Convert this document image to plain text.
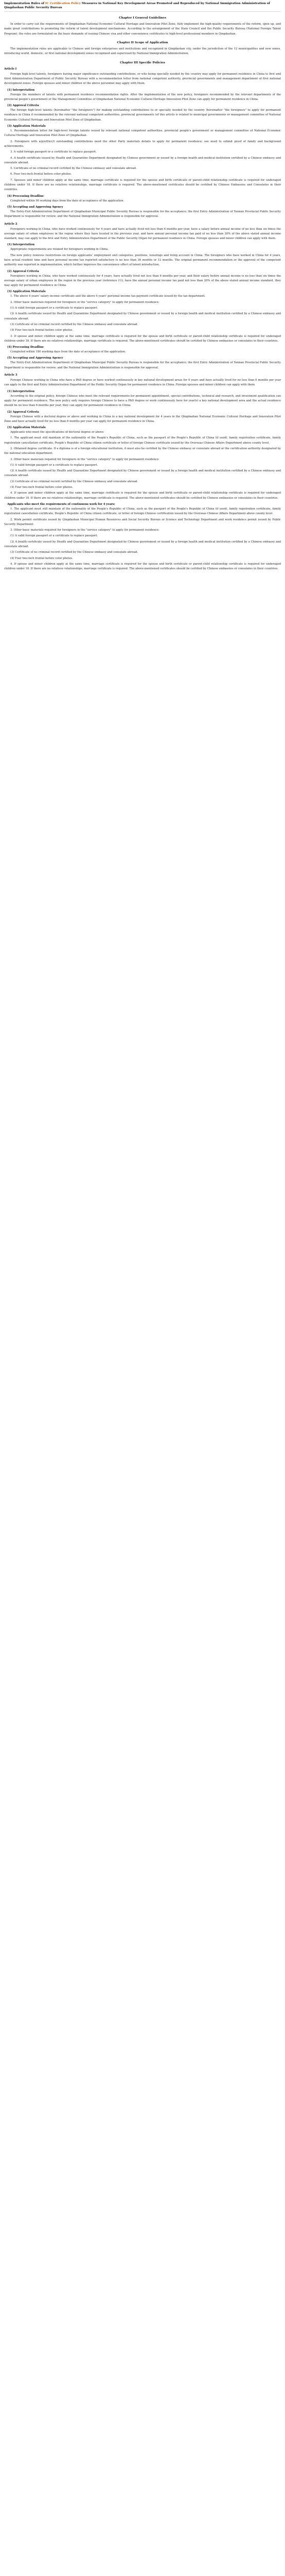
Implementation Rules of IC Certification Policy Measures in National Key Development Areas Promoted and Reproduced by National Immigration Administration of Qingdaohan Public Security Bureau
Chapter I General Guidelines
In order to carry out the requirements of Qingdaohan National Economic Cultural Heritage and Innovation Pilot Zone, fully implement the high-quality requirements of the reform, open up, and make great contributions to promoting the reform of talent development mechanisms. According to the arrangement of the State Council and the Public Security Bureau (National Foreign Talent Program), the rules are formulated on the basic demands of issuing Chinese visa and other convenience certificates to high-level professional members in Qingdaohan.
Chapter II Scope of Application
The implementation rules are applicable to Chinese and foreign enterprises and institutions and recognized in Qingdaohan city, under the jurisdiction of the 12 municipalities and new zones, introducing world, domestic, or first national development zones recognized and supervised by National Immigration Administration.
Chapter III Specific Policies
Article I
Foreign high-level talents, foreigners having major significance outstanding contributions, or who being specially needed by the country may apply for permanent residence in China to first and third Administration Department of Public Security Bureau with a recommendation letter from national competent authority, provincial governments and management department of first national development zones. Foreign spouses and minor children of the above personnel may apply with them.
(1) Interpretation
Foreign the members of talents with permanent residence recommendation rights. After the implementation of the new policy, foreigners recommended by the relevant departments of the provincial people's government or the Management Committee of Qingdaohan National Economic Cultural Heritage Innovation Pilot Zone can apply for permanent residence in China.
(2) Approval Criteria
The foreign high-level talents (hereinafter "the foreigners") for making outstanding contributions to or specially needed by the country (hereinafter "the foreigners" to apply for permanent residence in China if recommended by the relevant national competent authorities, provincial governments (of this article is related to municipal governments or management committee of National Economic Cultural Heritage and Innovation Pilot Zone of Qingdaohan.
(3) Application Materials
1. Recommendation letter for high-level foreign talents issued by relevant national competent authorities, provincial people's government or management committee of National Economic Cultural Heritage and Innovation Pilot Zone of Qingdaohan.
2. Foreigners with a/p/e/f/n/c/t outstanding contributions need the other Party materials details to apply for permanent residence; see need to submit proof of family and background achievements.
3. A valid foreign passport or a certificate to replace passport.
4. A health certificate issued by Health and Quarantine Department designated by Chinese government or issued by a foreign health and medical institution certified by a Chinese embassy and consulate abroad.
5. Certificate of no criminal record certified by the Chinese embassy and consulate abroad.
6. Four two-inch frontal before color photos.
7. Spouses and minor children apply at the same time, marriage certificate is required for the spouse and birth certificate or parent-child relationship certificate is required for underaged children under 18. If there are no relatives relationships, marriage certificate is required. The above-mentioned certificates should be certified by Chinese Embassies and Consulates in their countries.
(4) Processing Deadline
Completed within 90 working days from the date of acceptance of the application.
(5) Accepting and Approving Agency
The Entry-Exit Administration Department of Qingdaohan Municipal Public Security Bureau is responsible for the acceptance; the first Entry Administration of Yunnan Provincial Public Security Department is responsible for review; and the National Immigration Administration is responsible for approval.
Article 2
Foreigners working in China, who have worked continuously for 4 years and have actually lived not less than 6 months per year, have a salary before annual income of no less than six times the average salary of urban employees in the region where they have located in the previous year, and have annual personal income tax paid of no less than 20% of the above stated annual income standard, may can apply to the first and Entry Administration Department of the Public Security Organ for permanent residence in China. Foreign spouses and minor children can apply with them.
(1) Interpretation
Appropriate requirements are relaxed for foreigners working in China.
The new policy removes restrictions on foreign applicants' employment unit categories, positions, tenurings and living account in China. The foreigners who have worked in China for 4 years, have actual resident time and have personal income tax reported satisfactory is no less than 36 months or 12 months. The original permanent recommendation or the approval of the competent authority was reported in implementation, which further improves the convenience effect of talent introduction.
(2) Approval Criteria
Foreigners working in China, who have worked continuously for 4 years, have actually lived not less than 6 months per year, and their salary before annual income is no less than six times the average salary of urban employees in the region in the previous year (reference (1)), have the annual personal income tax paid not less than 20% of the above stated annual income standard, they may apply for permanent residence in China.
(3) Application Materials
1. The above 4 years' salary income certificate and the above 4 years' personal income tax payment certificate issued by the tax department.
2. Other basic materials required for foreigners in the "service category" to apply for permanent residence:
(1) A valid foreign passport or a certificate to replace passport.
(2) A health certificate issued by Health and Quarantine Department designated by Chinese government or issued by a foreign health and medical institution certified by a Chinese embassy and consulate abroad.
(3) Certificate of no criminal record certified by the Chinese embassy and consulate abroad.
(4) Four two-inch frontal before color photos.
3. If spouse and minor children apply at the same time, marriage certificate is required for the spouse and birth certificate or parent-child relationship certificate is required for underaged children under 18. If there are no relatives relationships, marriage certificate is required. The above-mentioned certificates should be certified by Chinese embassies or consulates in their countries.
(4) Processing Deadline
Completed within 180 working days from the date of acceptance of the application.
(5) Accepting and Approving Agency
The Entry-Exit Administration Department of Qingdaohan Municipal Public Security Bureau is responsible for the acceptance; the first Entry Administration of Yunnan Provincial Public Security Department is responsible for review; and the National Immigration Administration is responsible for approval.
Article 3
Foreign Chinese working in China who have a PhD degree or have worked continuously in key national development areas for 4 years and have actually lived for no less than 6 months per year can apply to the first and Entry Administration Department of the Public Security Organ for permanent residence in China. Foreign spouses and minor children can apply with them.
(1) Interpretation
According to the original policy, foreign Chinese who meet the relevant requirements for permanent appointment, special contributions, technical and research, and investment qualification can apply for permanent residence. The new policy only requires foreign Chinese to have a PhD degree or work continuously here for year(s) a key national development area and the actual residence should be no less than 6 months per year, they can apply for permanent residence in China.
(2) Approval Criteria
Foreign Chinese with a doctoral degree or above and working in China in a key national development for 4 years in the Qingdaohan National Economic Cultural Heritage and Innovation Pilot Zone and have actually lived for no less than 6 months per year can apply for permanent residence in China.
(3) Application Materials
Applicants who meet the specifications of doctoral degree or above:
1. The applicant must still maintain of the nationality of the People's Republic of China, such as the passport of the People's Republic of China (if used), family registration certificate, family registration cancellation certificate, People's Republic of China citizen certificate or letter of foreign Chinese certificate issued by the Overseas Chinese Affairs Department above county level.
2. Obtained degree certificate. If a diploma is of a foreign educational institution, it must also be certified by the Chinese embassy or consulate abroad or the certification authority designated by the national education department.
3. Other basic materials required for foreigners in the "service category" to apply for permanent residence:
(1) A valid foreign passport or a certificate to replace passport.
(2) A health certificate issued by Health and Quarantine Department designated by Chinese government or issued by a foreign health and medical institution certified by a Chinese embassy and consulate abroad.
(3) Certificate of no criminal record certified by the Chinese embassy and consulate abroad.
(4) Four two-inch frontal before color photos.
4. If spouse and minor children apply at the same time, marriage certificate is required for the spouse and birth certificate or parent-child relationship certificate is required for underaged children under 18. If there are no relatives relationships, marriage certificate is required. The above-mentioned certificates should be certified by Chinese embassies or consulates in their countries.
Applicants who meet the requirements of continuous work for 4 years:
1. The applicant must still maintain of the nationality of the People's Republic of China, such as the passport of the People's Republic of China (if used), family registration certificate, family registration cancellation certificate, People's Republic of China citizen certificate, or letter of foreign Chinese certification issued by the Overseas Chinese Affairs Department above county level.
2. Work permit certificate issued by Qingdaohan Municipal Human Resources and Social Security Bureau or Science and Technology Department and work residence permit issued by Public Security Department.
3. Other basic materials required for foreigners in the "service category" to apply for permanent residence:
(1) A valid foreign passport or a certificate to replace passport.
(2) A health certificate issued by Health and Quarantine Department designated by Chinese government or issued by a foreign health and medical institution certified by a Chinese embassy and consulate abroad.
(3) Certificate of no criminal record certified by the Chinese embassy and consulate abroad.
(4) Four two-inch frontal before color photos.
4. If spouse and minor children apply at the same time, marriage certificate is required for the spouse and birth certificate or parent-child relationship certificate is required for underaged children under 18. If there are no relatives relationships, marriage certificate is required. The above-mentioned certificates should be certified by Chinese embassies or consulates in their countries.
